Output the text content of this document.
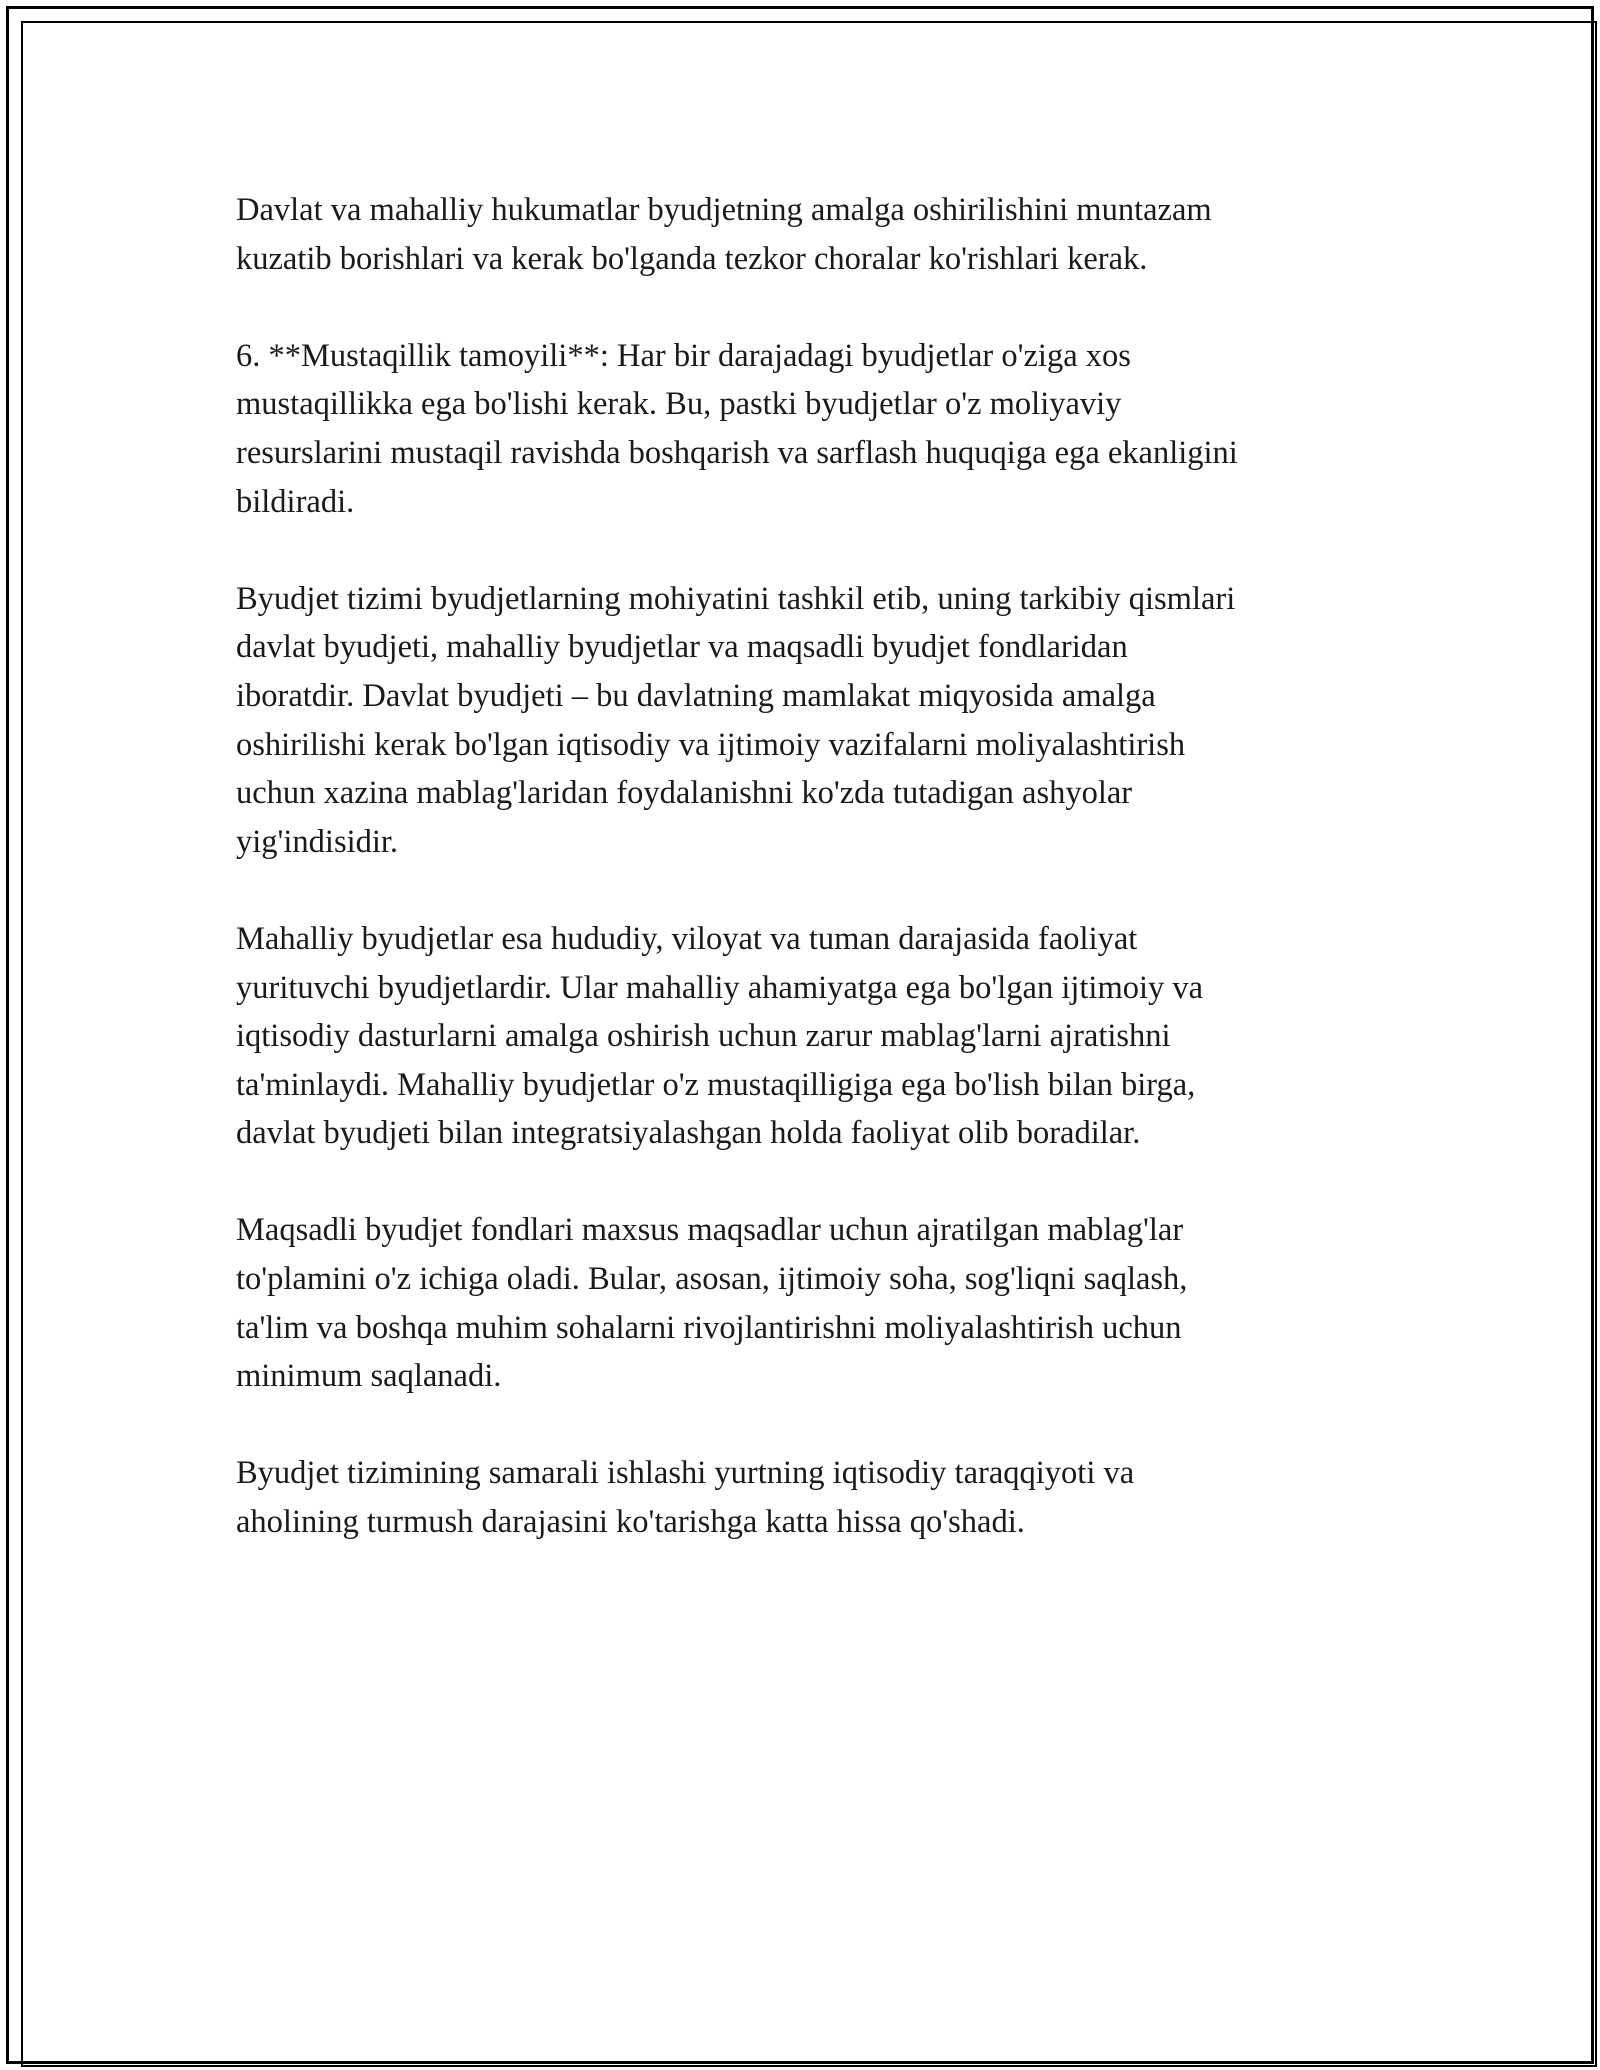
Davlat va mahalliy hukumatlar byudjetning amalga oshirilishini muntazam
kuzatib borishlari va kerak bo'lganda tezkor choralar ko'rishlari kerak.

6. **Mustaqillik tamoyili**: Har bir darajadagi byudjetlar o'ziga xos
mustaqillikka ega bo'lishi kerak. Bu, pastki byudjetlar o'z moliyaviy
resurslarini mustaqil ravishda boshqarish va sarflash huquqiga ega ekanligini
bildiradi.

Byudjet tizimi byudjetlarning mohiyatini tashkil etib, uning tarkibiy qismlari
davlat byudjeti, mahalliy byudjetlar va maqsadli byudjet fondlaridan
iboratdir. Davlat byudjeti – bu davlatning mamlakat miqyosida amalga
oshirilishi kerak bo'lgan iqtisodiy va ijtimoiy vazifalarni moliyalashtirish
uchun xazina mablag'laridan foydalanishni ko'zda tutadigan ashyolar
yig'indisidir.

Mahalliy byudjetlar esa hududiy, viloyat va tuman darajasida faoliyat
yurituvchi byudjetlardir. Ular mahalliy ahamiyatga ega bo'lgan ijtimoiy va
iqtisodiy dasturlarni amalga oshirish uchun zarur mablag'larni ajratishni
ta'minlaydi. Mahalliy byudjetlar o'z mustaqilligiga ega bo'lish bilan birga,
davlat byudjeti bilan integratsiyalashgan holda faoliyat olib boradilar.

Maqsadli byudjet fondlari maxsus maqsadlar uchun ajratilgan mablag'lar
to'plamini o'z ichiga oladi. Bular, asosan, ijtimoiy soha, sog'liqni saqlash,
ta'lim va boshqa muhim sohalarni rivojlantirishni moliyalashtirish uchun
minimum saqlanadi.

Byudjet tizimining samarali ishlashi yurtning iqtisodiy taraqqiyoti va
aholining turmush darajasini ko'tarishga katta hissa qo'shadi.
